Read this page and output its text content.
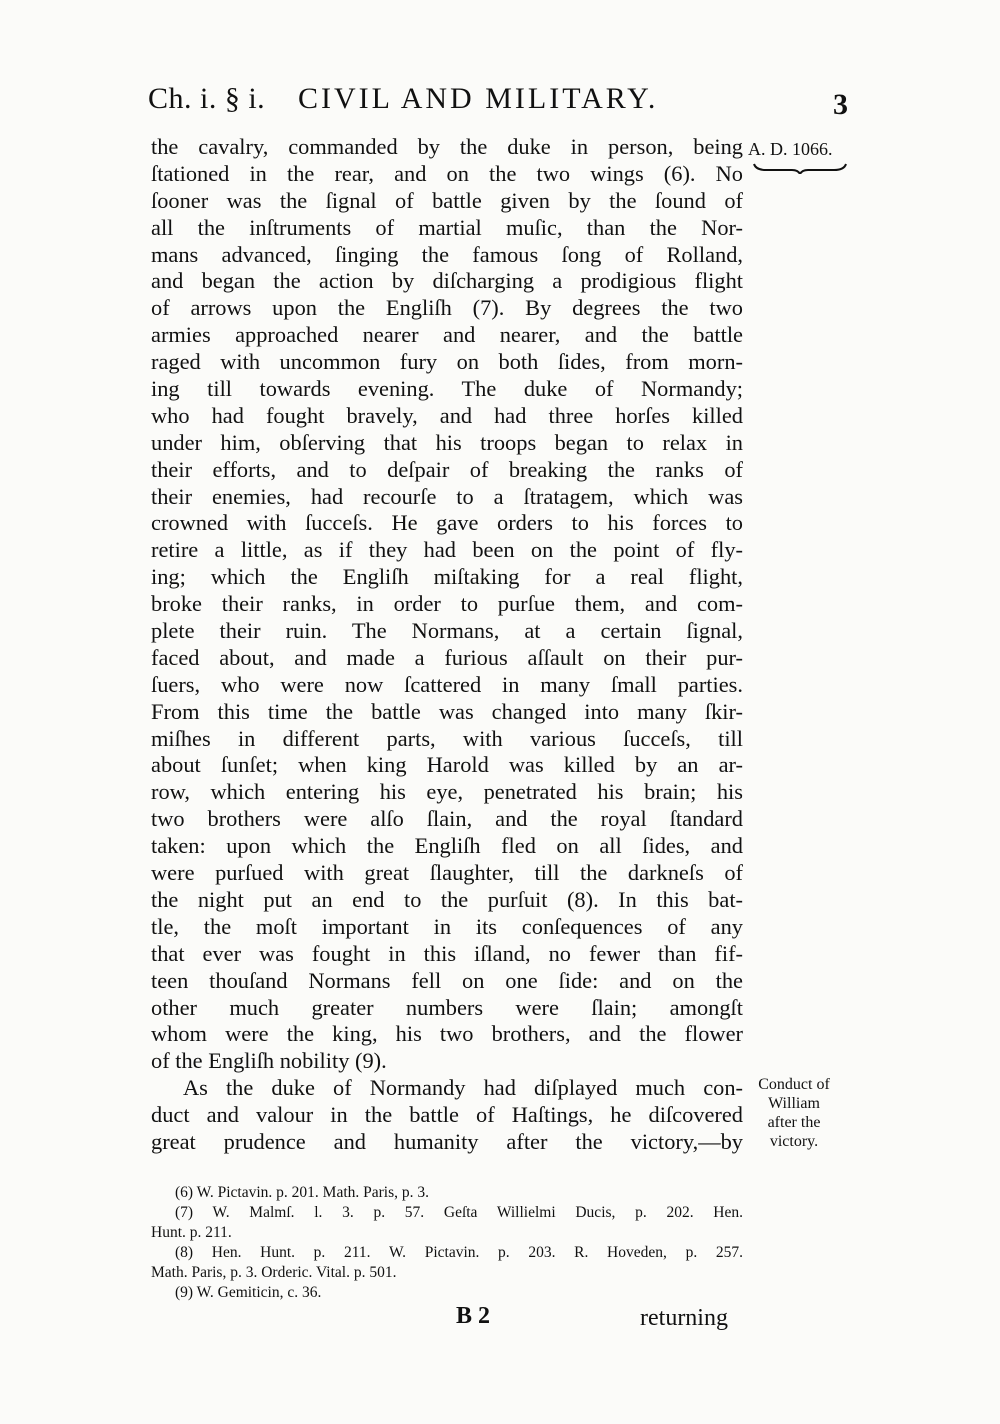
Ch. i. § i. CIVIL AND MILITARY.	3
A. D. 1066.
the cavalry, commanded by the duke in person, being
ſtationed in the rear, and on the two wings (6). No
ſooner was the ſignal of battle given by the ſound of
all the inſtruments of martial muſic, than the Nor-
mans advanced, ſinging the famous ſong of Rolland,
and began the action by diſcharging a prodigious flight
of arrows upon the Engliſh (7). By degrees the two
armies approached nearer and nearer, and the battle
raged with uncommon fury on both ſides, from morn-
ing till towards evening. The duke of Normandy;
who had fought bravely, and had three horſes killed
under him, obſerving that his troops began to relax in
their efforts, and to deſpair of breaking the ranks of
their enemies, had recourſe to a ſtratagem, which was
crowned with ſucceſs. He gave orders to his forces to
retire a little, as if they had been on the point of fly-
ing; which the Engliſh miſtaking for a real flight,
broke their ranks, in order to purſue them, and com-
plete their ruin. The Normans, at a certain ſignal,
faced about, and made a furious aſſault on their pur-
ſuers, who were now ſcattered in many ſmall parties.
From this time the battle was changed into many ſkir-
miſhes in different parts, with various ſucceſs, till
about ſunſet; when king Harold was killed by an ar-
row, which entering his eye, penetrated his brain; his
two brothers were alſo ſlain, and the royal ſtandard
taken: upon which the Engliſh fled on all ſides, and
were purſued with great ſlaughter, till the darkneſs of
the night put an end to the purſuit (8). In this bat-
tle, the moſt important in its conſequences of any
that ever was fought in this iſland, no fewer than fif-
teen thouſand Normans fell on one ſide: and on the
other much greater numbers were ſlain; amongſt
whom were the king, his two brothers, and the flower
of the Engliſh nobility (9).
As the duke of Normandy had diſplayed much con-
duct and valour in the battle of Haſtings, he diſcovered
great prudence and humanity after the victory,—by
Conduct of
William
after the
victory.
(6) W. Pictavin. p. 201. Math. Paris, p. 3.
(7) W. Malmſ. l. 3. p. 57. Geſta Willielmi Ducis, p. 202. Hen.
Hunt. p. 211.
(8) Hen. Hunt. p. 211. W. Pictavin. p. 203. R. Hoveden, p. 257.
Math. Paris, p. 3. Orderic. Vital. p. 501.
(9) W. Gemiticin, c. 36.
B 2	returning
